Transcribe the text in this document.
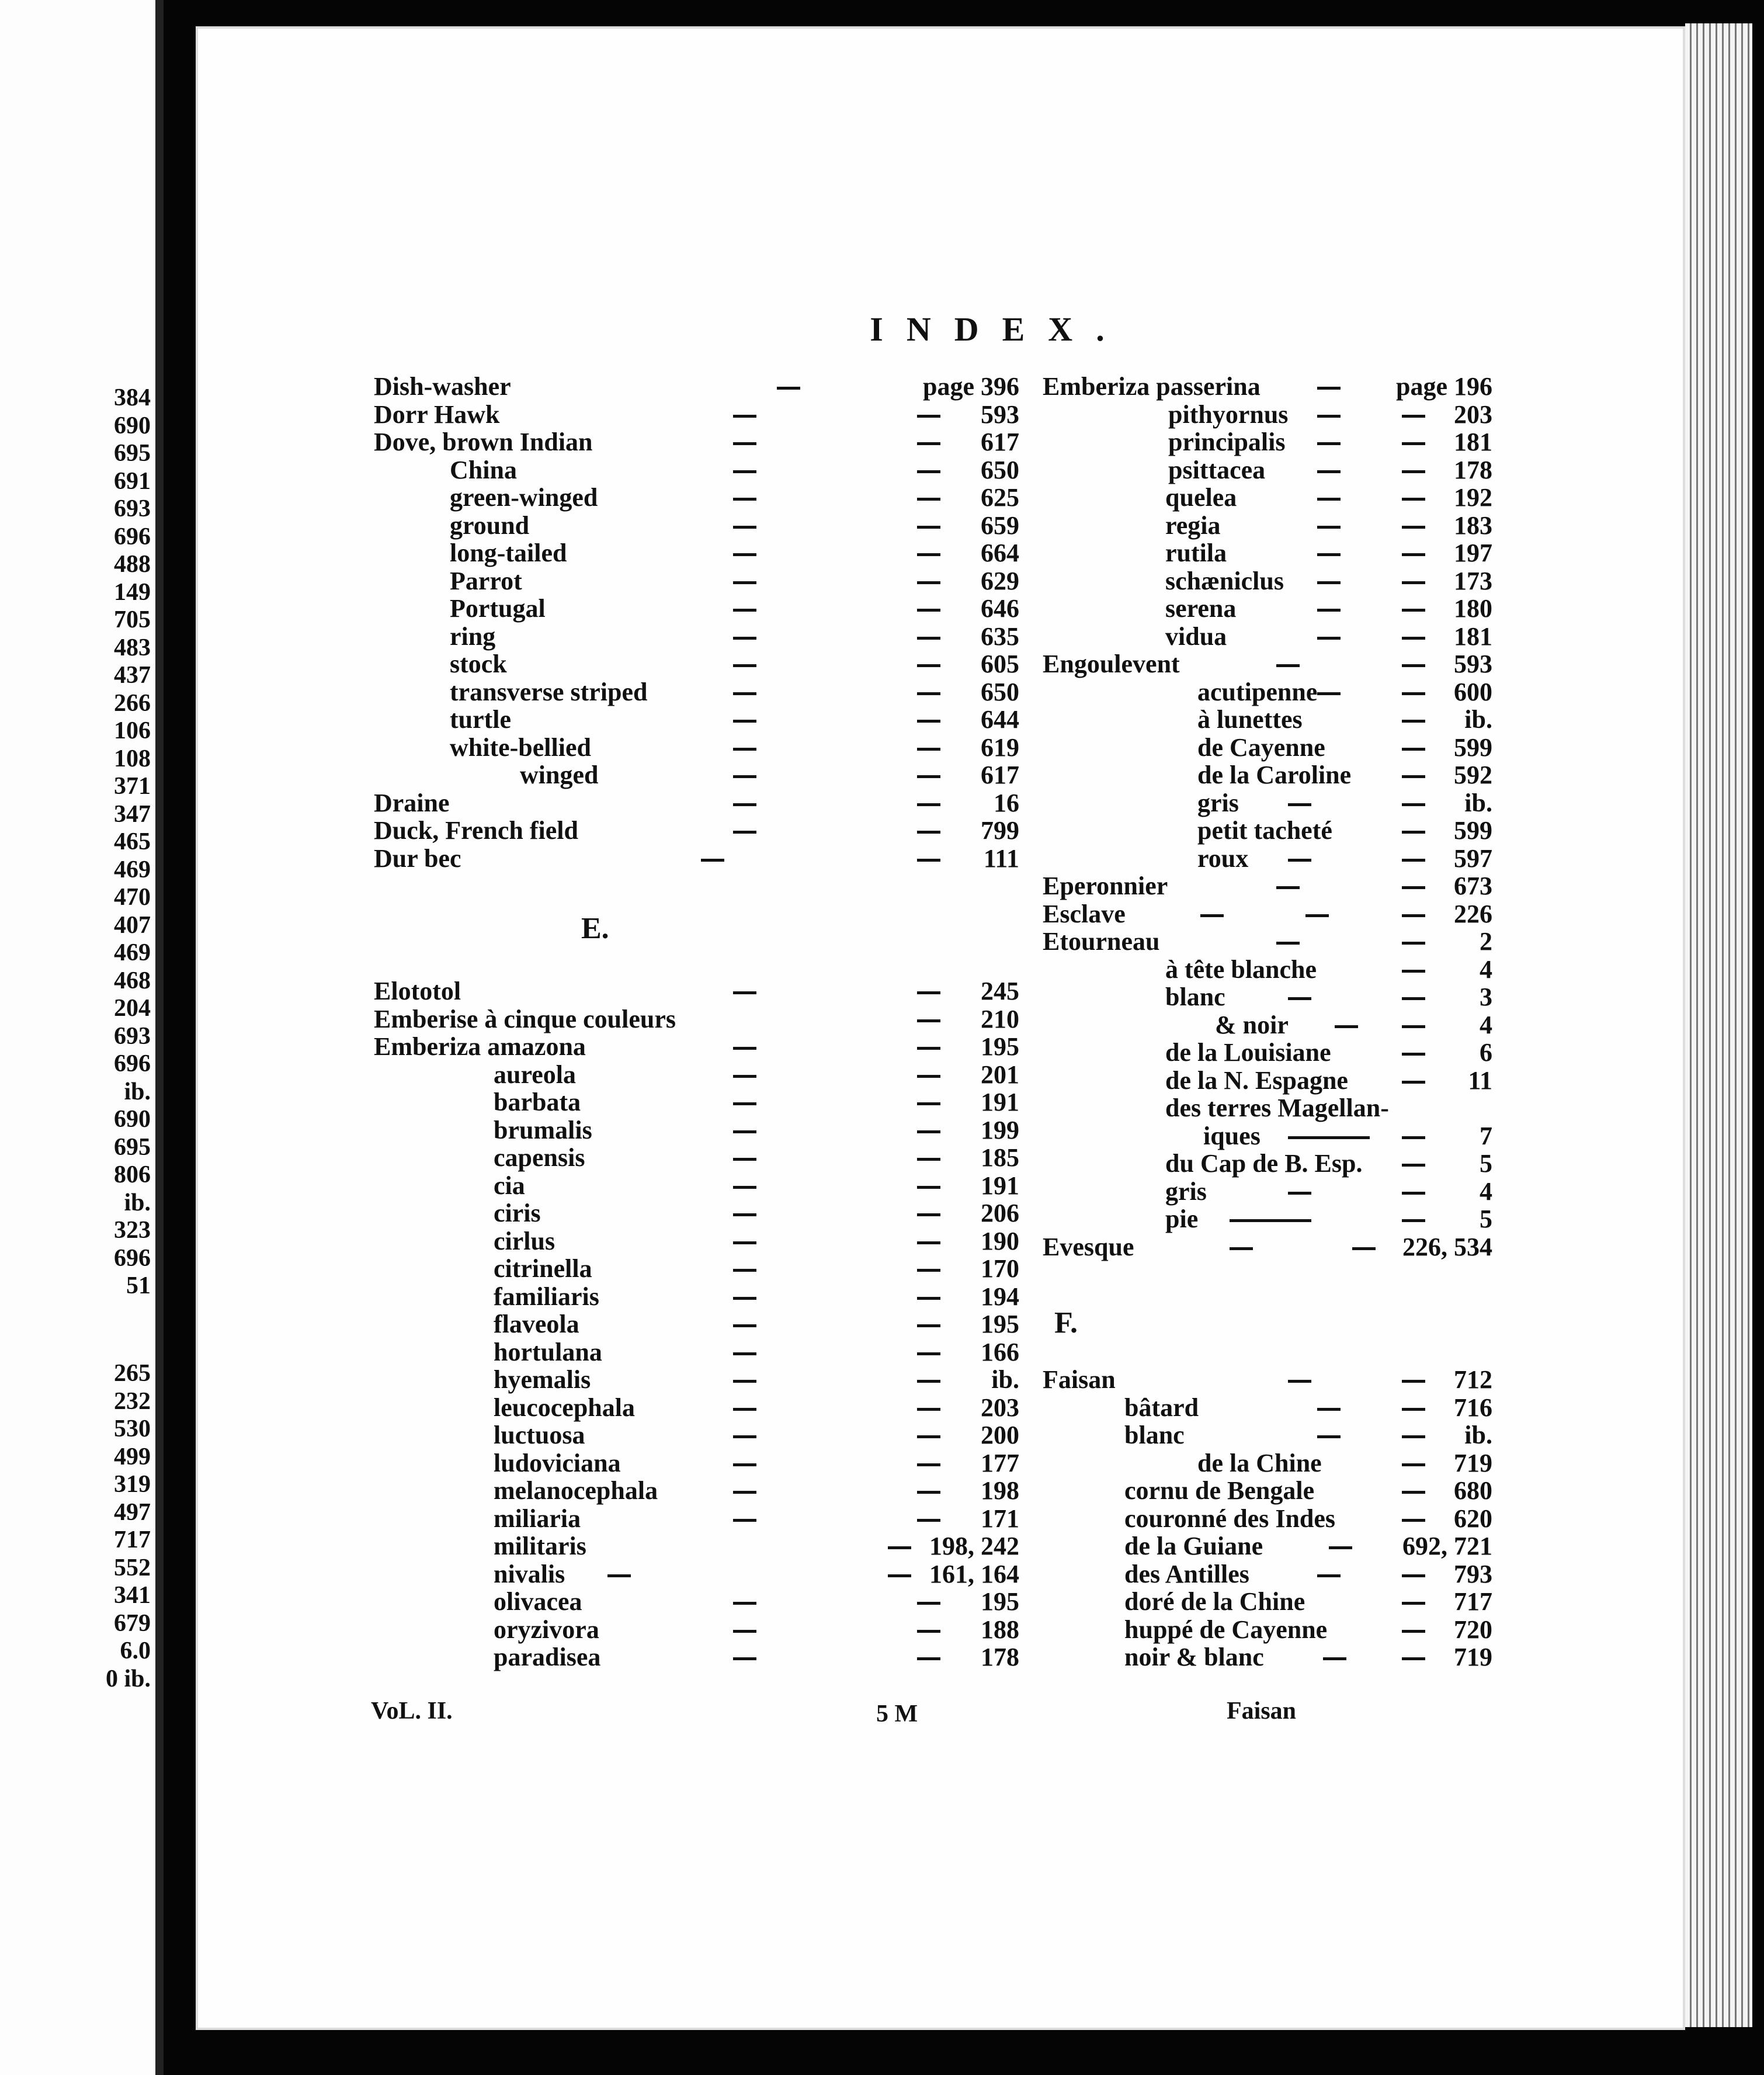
384
690
695
691
693
696
488
149
705
483
437
266
106
108
371
347
465
469
470
407
469
468
204
693
696
ib.
690
695
806
ib.
323
696
51
265
232
530
499
319
497
717
552
341
679
6.0
0 ib.
INDEX.
E.
F.
Dish-washer	page 396
Dorr Hawk	593
Dove, brown Indian	617
China	650
green-winged	625
ground	659
long-tailed	664
Parrot	629
Portugal	646
ring	635
stock	605
transverse striped	650
turtle	644
white-bellied	619
winged	617
Draine	16
Duck, French field	799
Dur bec	111
Elototol	245
Emberise à cinque couleurs	210
Emberiza amazona	195
aureola	201
barbata	191
brumalis	199
capensis	185
cia	191
ciris	206
cirlus	190
citrinella	170
familiaris	194
flaveola	195
hortulana	166
hyemalis	ib.
leucocephala	203
luctuosa	200
ludoviciana	177
melanocephala	198
miliaria	171
militaris	198, 242
nivalis	161, 164
olivacea	195
oryzivora	188
paradisea	178
Emberiza passerina	page 196
pithyornus	203
principalis	181
psittacea	178
quelea	192
regia	183
rutila	197
schæniclus	173
serena	180
vidua	181
Engoulevent	593
acutipenne	600
à lunettes	ib.
de Cayenne	599
de la Caroline	592
gris	ib.
petit tacheté	599
roux	597
Eperonnier	673
Esclave	226
Etourneau	2
à tête blanche	4
blanc	3
& noir	4
de la Louisiane	6
de la N. Espagne	11
des terres Magellan-
iques	7
du Cap de B. Esp.	5
gris	4
pie	5
Evesque	226, 534
Faisan	712
bâtard	716
blanc	ib.
de la Chine	719
cornu de Bengale	680
couronné des Indes	620
de la Guiane	692, 721
des Antilles	793
doré de la Chine	717
huppé de Cayenne	720
noir & blanc	719
VoL. II.	5 M	Faisan
